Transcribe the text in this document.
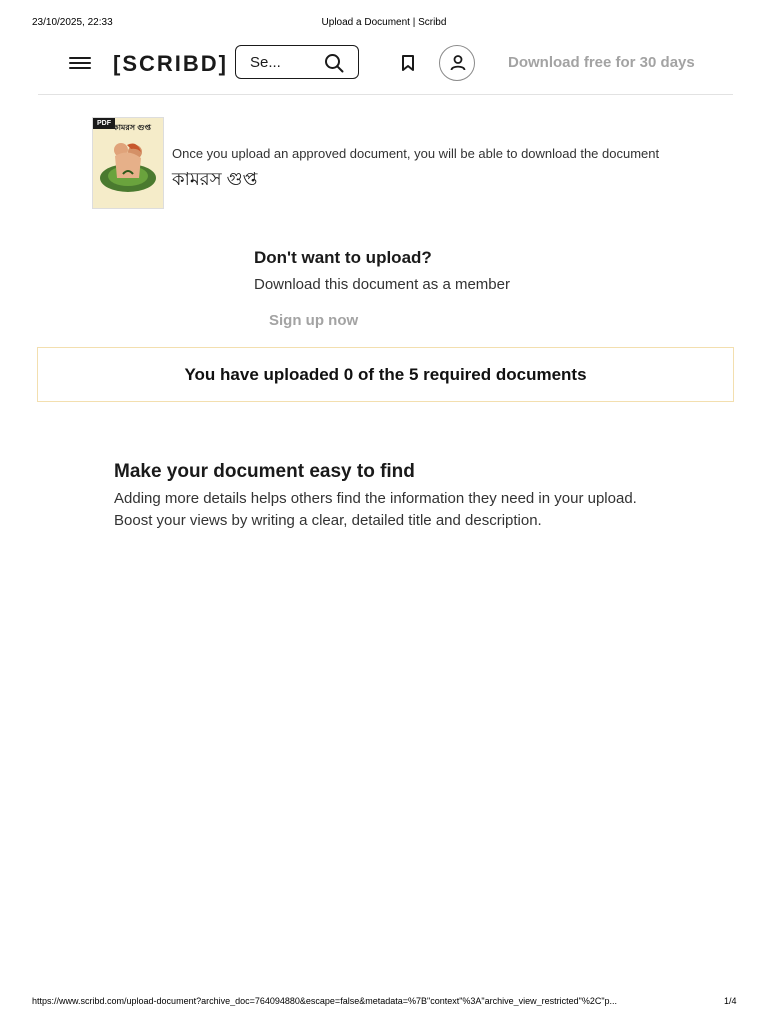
23/10/2025, 22:33	Upload a Document | Scribd
[SCRIBD]
Se...	Download free for 30 days
PDF কামরস গুপ্ত
Once you upload an approved document, you will be able to download the document
কামরস গুপ্ত
Don't want to upload?
Download this document as a member
Sign up now
You have uploaded 0 of the 5 required documents
Make your document easy to find
Adding more details helps others find the information they need in your upload.
Boost your views by writing a clear, detailed title and description.
https://www.scribd.com/upload-document?archive_doc=764094880&escape=false&metadata=%7B"context"%3A"archive_view_restricted"%2C"p...	1/4
